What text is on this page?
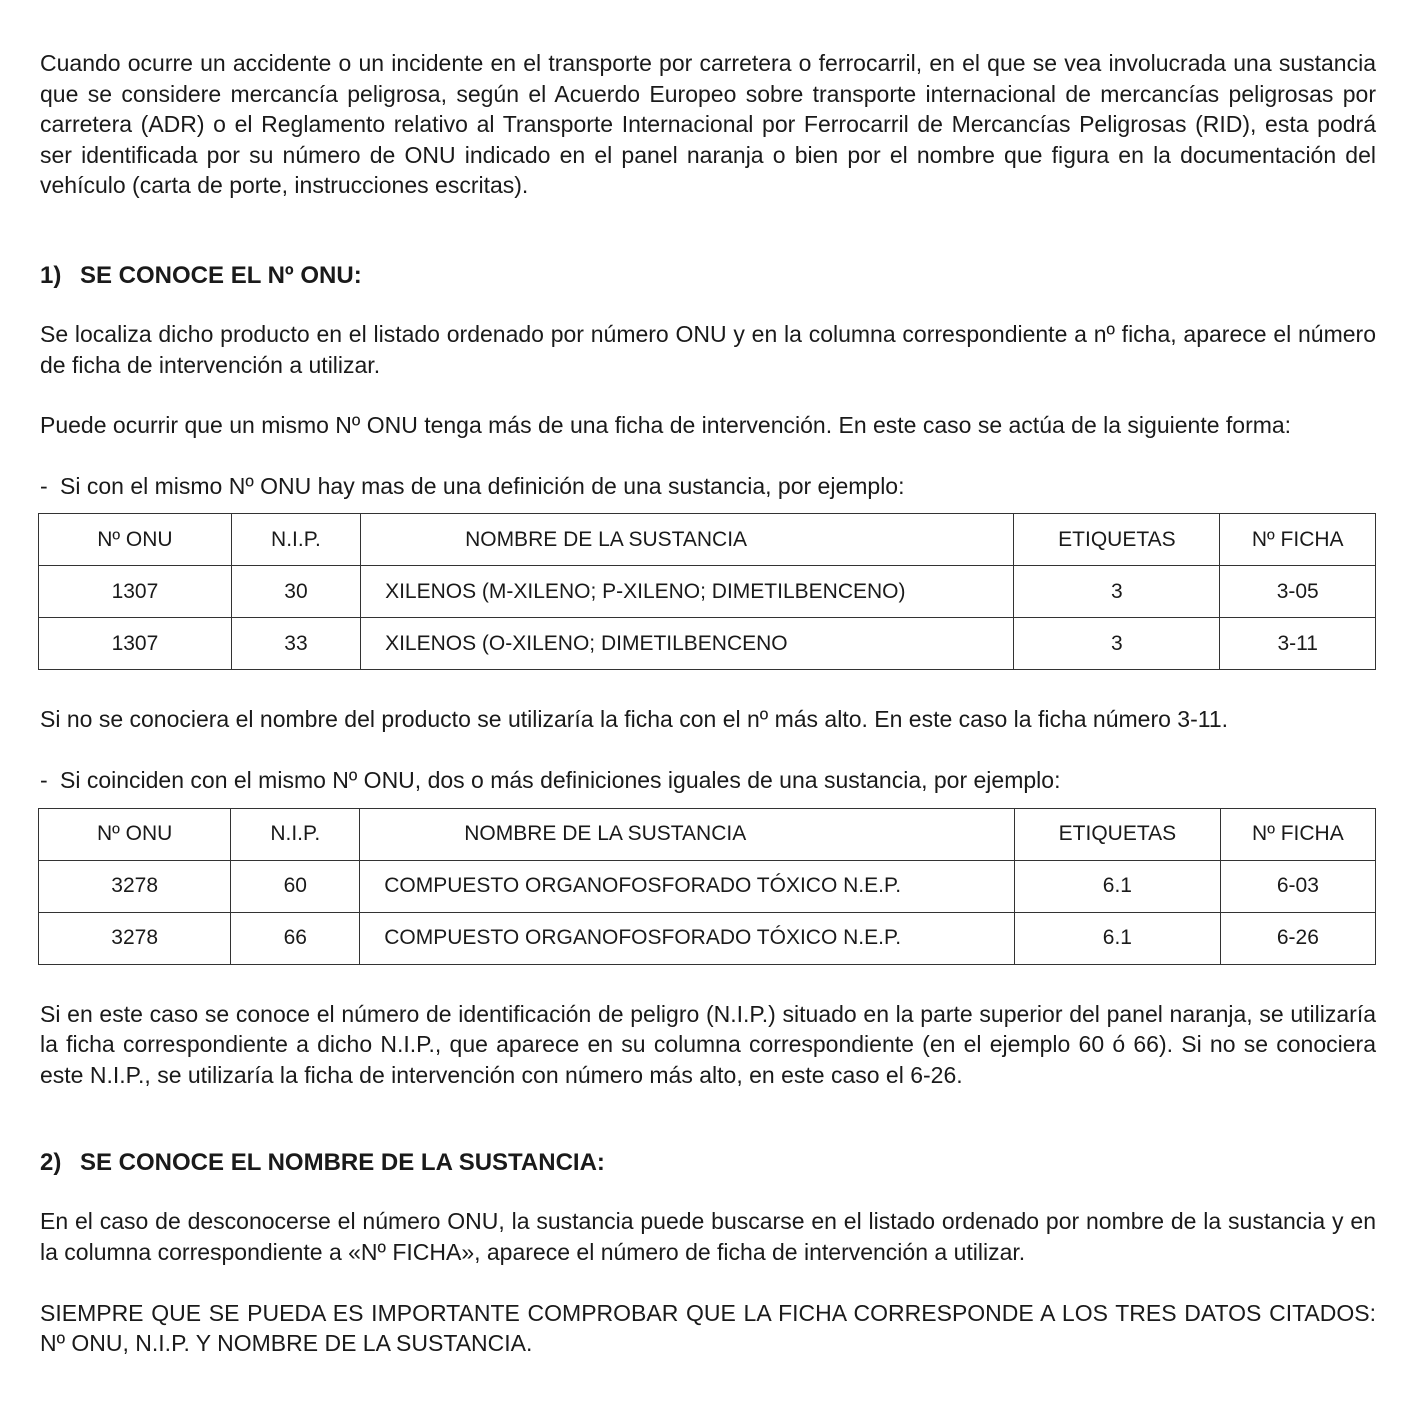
Cuando ocurre un accidente o un incidente en el transporte por carretera o ferrocarril, en el que se vea involucrada una sustancia que se considere mercancía peligrosa, según el Acuerdo Europeo sobre transporte internacional de mercancías peligrosas por carretera (ADR) o el Reglamento relativo al Transporte Internacional por Ferrocarril de Mercancías Peligrosas (RID), esta podrá ser identificada por su número de ONU indicado en el panel naranja o bien por el nombre que figura en la documentación del vehículo (carta de porte, instrucciones escritas).

1) SE CONOCE EL Nº ONU:

Se localiza dicho producto en el listado ordenado por número ONU y en la columna correspondiente a nº ficha, aparece el número de ficha de intervención a utilizar.

Puede ocurrir que un mismo Nº ONU tenga más de una ficha de intervención. En este caso se actúa de la siguiente forma:

- Si con el mismo Nº ONU hay mas de una definición de una sustancia, por ejemplo:

Nº ONU	N.I.P.	NOMBRE DE LA SUSTANCIA	ETIQUETAS	Nº FICHA
1307	30	XILENOS (M-XILENO; P-XILENO; DIMETILBENCENO)	3	3-05
1307	33	XILENOS (O-XILENO; DIMETILBENCENO	3	3-11

Si no se conociera el nombre del producto se utilizaría la ficha con el nº más alto. En este caso la ficha número 3-11.

- Si coinciden con el mismo Nº ONU, dos o más definiciones iguales de una sustancia, por ejemplo:

Nº ONU	N.I.P.	NOMBRE DE LA SUSTANCIA	ETIQUETAS	Nº FICHA
3278	60	COMPUESTO ORGANOFOSFORADO TÓXICO N.E.P.	6.1	6-03
3278	66	COMPUESTO ORGANOFOSFORADO TÓXICO N.E.P.	6.1	6-26

Si en este caso se conoce el número de identificación de peligro (N.I.P.) situado en la parte superior del panel naranja, se utilizaría la ficha correspondiente a dicho N.I.P., que aparece en su columna correspondiente (en el ejemplo 60 ó 66). Si no se conociera este N.I.P., se utilizaría la ficha de intervención con número más alto, en este caso el 6-26.

2) SE CONOCE EL NOMBRE DE LA SUSTANCIA:

En el caso de desconocerse el número ONU, la sustancia puede buscarse en el listado ordenado por nombre de la sustancia y en la columna correspondiente a «Nº FICHA», aparece el número de ficha de intervención a utilizar.

SIEMPRE QUE SE PUEDA ES IMPORTANTE COMPROBAR QUE LA FICHA CORRESPONDE A LOS TRES DATOS CITADOS: Nº ONU, N.I.P. Y NOMBRE DE LA SUSTANCIA.
